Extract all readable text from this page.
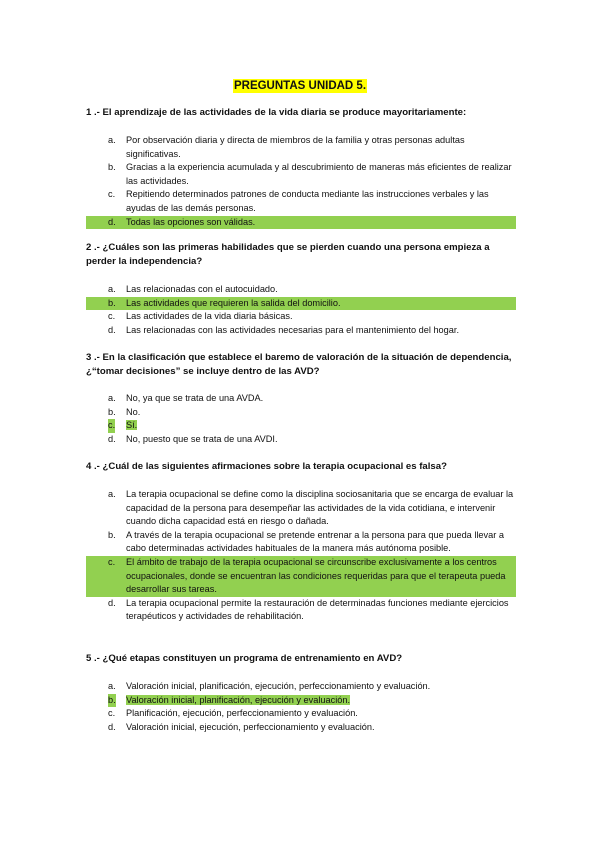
PREGUNTAS UNIDAD 5.
1 .- El aprendizaje de las actividades de la vida diaria se produce mayoritariamente:
a. Por observación diaria y directa de miembros de la familia y otras personas adultas significativas.
b. Gracias a la experiencia acumulada y al descubrimiento de maneras más eficientes de realizar las actividades.
c. Repitiendo determinados patrones de conducta mediante las instrucciones verbales y las ayudas de las demás personas.
d. Todas las opciones son válidas.
2 .- ¿Cuáles son las primeras habilidades que se pierden cuando una persona empieza a perder la independencia?
a. Las relacionadas con el autocuidado.
b. Las actividades que requieren la salida del domicilio.
c. Las actividades de la vida diaria básicas.
d. Las relacionadas con las actividades necesarias para el mantenimiento del hogar.
3 .- En la clasificación que establece el baremo de valoración de la situación de dependencia, ¿“tomar decisiones” se incluye dentro de las AVD?
a. No, ya que se trata de una AVDA.
b. No.
c. Sí.
d. No, puesto que se trata de una AVDI.
4 .- ¿Cuál de las siguientes afirmaciones sobre la terapia ocupacional es falsa?
a. La terapia ocupacional se define como la disciplina sociosanitaria que se encarga de evaluar la capacidad de la persona para desempeñar las actividades de la vida cotidiana, e intervenir cuando dicha capacidad está en riesgo o dañada.
b. A través de la terapia ocupacional se pretende entrenar a la persona para que pueda llevar a cabo determinadas actividades habituales de la manera más autónoma posible.
c. El ámbito de trabajo de la terapia ocupacional se circunscribe exclusivamente a los centros ocupacionales, donde se encuentran las condiciones requeridas para que el terapeuta pueda desarrollar sus tareas.
d. La terapia ocupacional permite la restauración de determinadas funciones mediante ejercicios terapéuticos y actividades de rehabilitación.
5 .- ¿Qué etapas constituyen un programa de entrenamiento en AVD?
a. Valoración inicial, planificación, ejecución, perfeccionamiento y evaluación.
b. Valoración inicial, planificación, ejecución y evaluación.
c. Planificación, ejecución, perfeccionamiento y evaluación.
d. Valoración inicial, ejecución, perfeccionamiento y evaluación.
